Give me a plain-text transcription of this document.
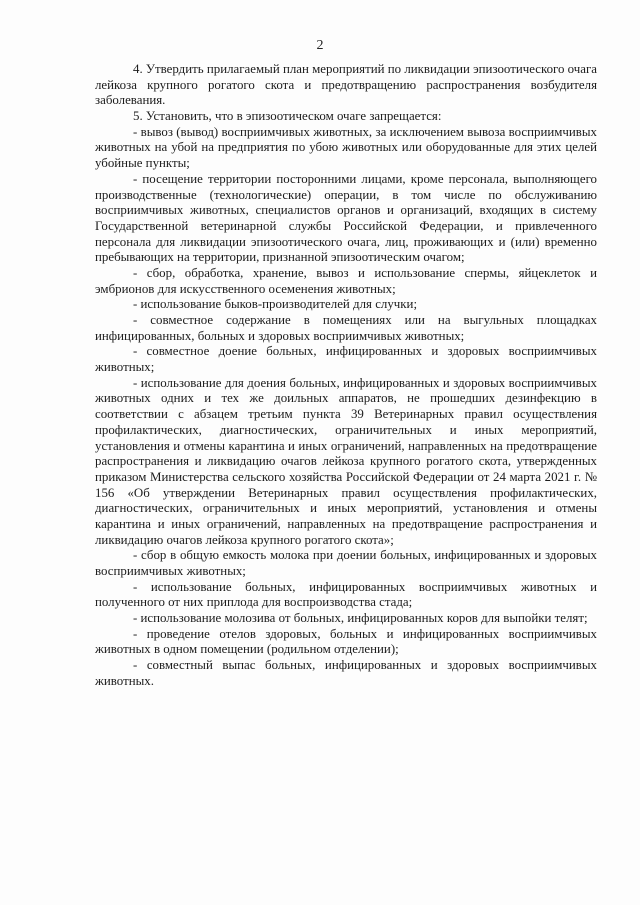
2

4. Утвердить прилагаемый план мероприятий по ликвидации эпизоотического очага лейкоза крупного рогатого скота и предотвращению распространения возбудителя заболевания.

5. Установить, что в эпизоотическом очаге запрещается:

- вывоз (вывод) восприимчивых животных, за исключением вывоза восприимчивых животных на убой на предприятия по убою животных или оборудованные для этих целей убойные пункты;

- посещение территории посторонними лицами, кроме персонала, выполняющего производственные (технологические) операции, в том числе по обслуживанию восприимчивых животных, специалистов органов и организаций, входящих в систему Государственной ветеринарной службы Российской Федерации, и привлеченного персонала для ликвидации эпизоотического очага, лиц, проживающих и (или) временно пребывающих на территории, признанной эпизоотическим очагом;

- сбор, обработка, хранение, вывоз и использование спермы, яйцеклеток и эмбрионов для искусственного осеменения животных;

- использование быков-производителей для случки;

- совместное содержание в помещениях или на выгульных площадках инфицированных, больных и здоровых восприимчивых животных;

- совместное доение больных, инфицированных и здоровых восприимчивых животных;

- использование для доения больных, инфицированных и здоровых восприимчивых животных одних и тех же доильных аппаратов, не прошедших дезинфекцию в соответствии с абзацем третьим пункта 39 Ветеринарных правил осуществления профилактических, диагностических, ограничительных и иных мероприятий, установления и отмены карантина и иных ограничений, направленных на предотвращение распространения и ликвидацию очагов лейкоза крупного рогатого скота, утвержденных приказом Министерства сельского хозяйства Российской Федерации от 24 марта 2021 г. № 156 «Об утверждении Ветеринарных правил осуществления профилактических, диагностических, ограничительных и иных мероприятий, установления и отмены карантина и иных ограничений, направленных на предотвращение распространения и ликвидацию очагов лейкоза крупного рогатого скота»;

- сбор в общую емкость молока при доении больных, инфицированных и здоровых восприимчивых животных;

- использование больных, инфицированных восприимчивых животных и полученного от них приплода для воспроизводства стада;

- использование молозива от больных, инфицированных коров для выпойки телят;

- проведение отелов здоровых, больных и инфицированных восприимчивых животных в одном помещении (родильном отделении);

- совместный выпас больных, инфицированных и здоровых восприимчивых животных.
